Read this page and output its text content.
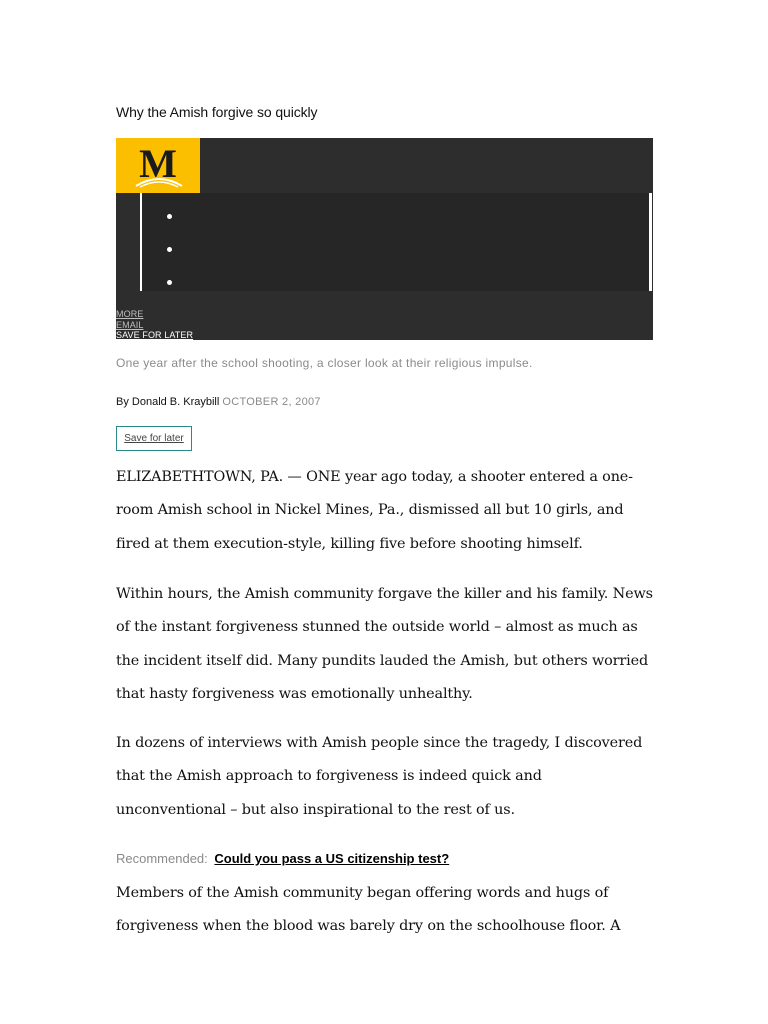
Why the Amish forgive so quickly
M
MORE
EMAIL
SAVE FOR LATER

One year after the school shooting, a closer look at their religious impulse.

By Donald B. Kraybill OCTOBER 2, 2007
Save for later

ELIZABETHTOWN, PA. — ONE year ago today, a shooter entered a one-room Amish school in Nickel Mines, Pa., dismissed all but 10 girls, and fired at them execution-style, killing five before shooting himself.

Within hours, the Amish community forgave the killer and his family. News of the instant forgiveness stunned the outside world – almost as much as the incident itself did. Many pundits lauded the Amish, but others worried that hasty forgiveness was emotionally unhealthy.

In dozens of interviews with Amish people since the tragedy, I discovered that the Amish approach to forgiveness is indeed quick and unconventional – but also inspirational to the rest of us.

Recommended: Could you pass a US citizenship test?

Members of the Amish community began offering words and hugs of forgiveness when the blood was barely dry on the schoolhouse floor. A
